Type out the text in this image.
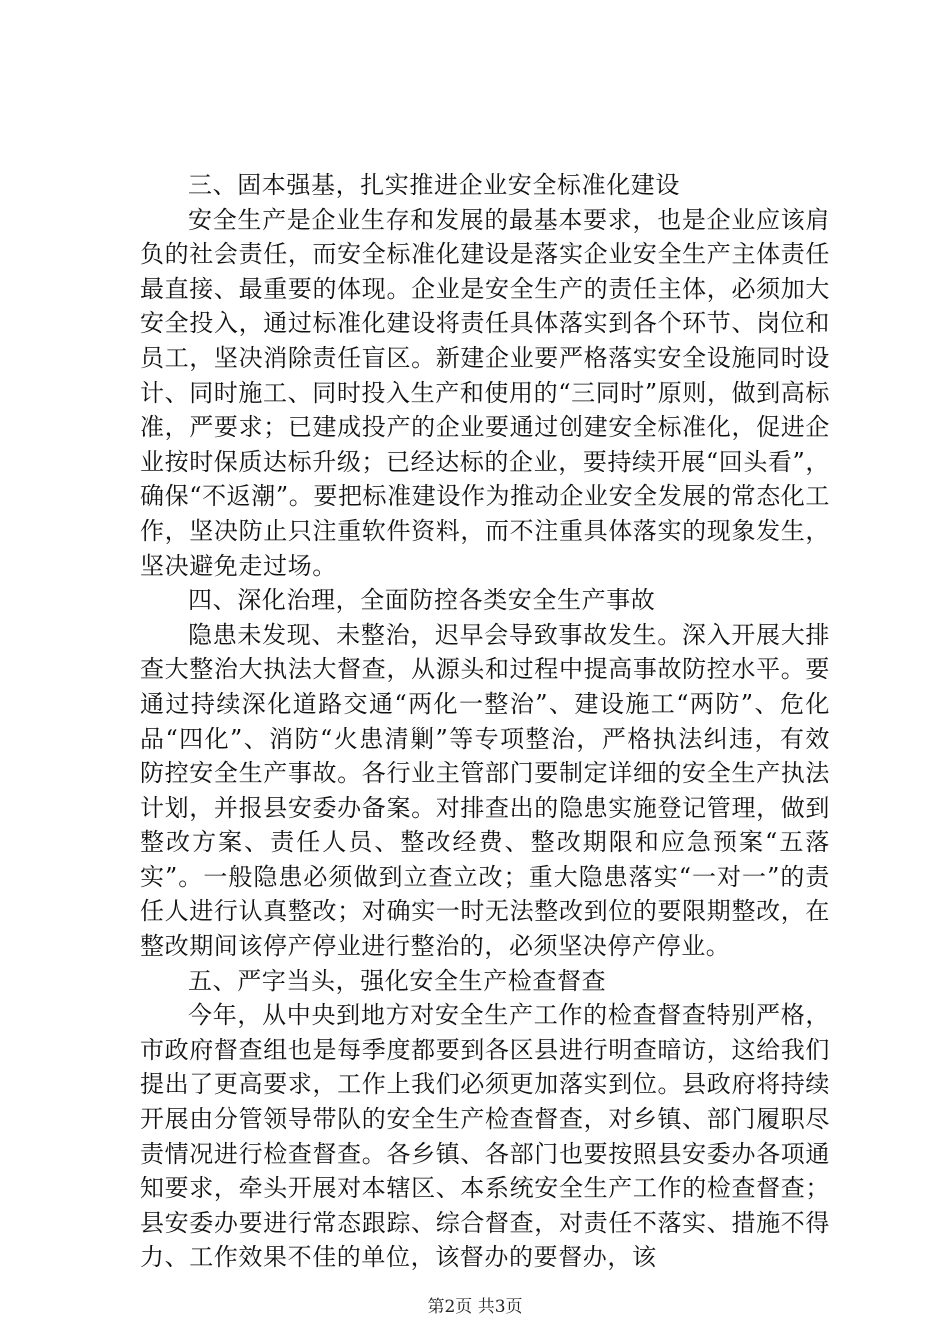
三、固本强基，扎实推进企业安全标准化建设

安全生产是企业生存和发展的最基本要求，也是企业应该肩负的社会责任，而安全标准化建设是落实企业安全生产主体责任最直接、最重要的体现。企业是安全生产的责任主体，必须加大安全投入，通过标准化建设将责任具体落实到各个环节、岗位和员工，坚决消除责任盲区。新建企业要严格落实安全设施同时设计、同时施工、同时投入生产和使用的“三同时”原则，做到高标准，严要求；已建成投产的企业要通过创建安全标准化，促进企业按时保质达标升级；已经达标的企业，要持续开展“回头看”，确保“不返潮”。要把标准建设作为推动企业安全发展的常态化工作，坚决防止只注重软件资料，而不注重具体落实的现象发生，坚决避免走过场。

四、深化治理，全面防控各类安全生产事故

隐患未发现、未整治，迟早会导致事故发生。深入开展大排查大整治大执法大督查，从源头和过程中提高事故防控水平。要通过持续深化道路交通“两化一整治”、建设施工“两防”、危化品“四化”、消防“火患清剿”等专项整治，严格执法纠违，有效防控安全生产事故。各行业主管部门要制定详细的安全生产执法计划，并报县安委办备案。对排查出的隐患实施登记管理，做到整改方案、责任人员、整改经费、整改期限和应急预案“五落实”。一般隐患必须做到立查立改；重大隐患落实“一对一”的责任人进行认真整改；对确实一时无法整改到位的要限期整改，在整改期间该停产停业进行整治的，必须坚决停产停业。

五、严字当头，强化安全生产检查督查

今年，从中央到地方对安全生产工作的检查督查特别严格，市政府督查组也是每季度都要到各区县进行明查暗访，这给我们提出了更高要求，工作上我们必须更加落实到位。县政府将持续开展由分管领导带队的安全生产检查督查，对乡镇、部门履职尽责情况进行检查督查。各乡镇、各部门也要按照县安委办各项通知要求，牵头开展对本辖区、本系统安全生产工作的检查督查；县安委办要进行常态跟踪、综合督查，对责任不落实、措施不得力、工作效果不佳的单位，该督办的要督办，该

第2页 共3页
